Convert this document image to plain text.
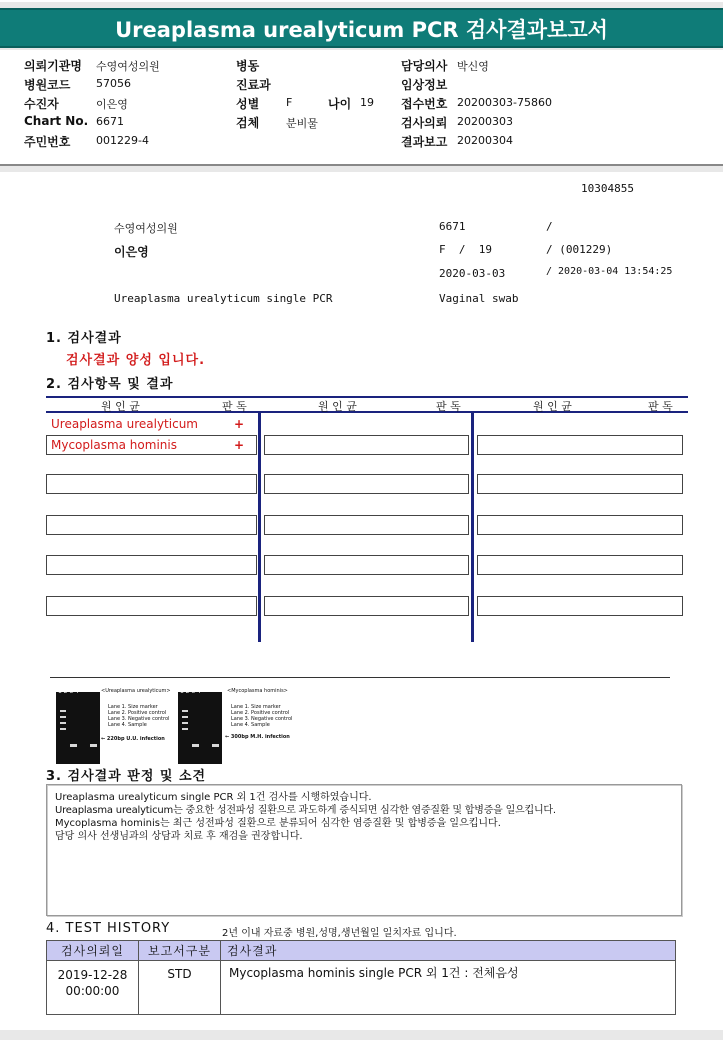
Ureaplasma urealyticum PCR 검사결과보고서
의뢰기관명 수영여성의원
병원코드 57056
수진자	이은영
Chart No. 6671
주민번호 001229-4
병동
진료과
성별 F	나이 19
검체 분비물
담당의사 박신영
임상정보
접수번호 20200303-75860
검사의뢰 20200303
결과보고 20200304
10304855
수영여성의원	6671	/
이은영	F  /  19	/ (001229)
2020-03-03	/ 2020-03-04 13:54:25
Ureaplasma urealyticum single PCR	Vaginal swab
1. 검사결과
검사결과 양성 입니다.
2. 검사항목 및 결과
원 인 균	판 독	원 인 균	판 독	원 인 균	판 독
Ureaplasma urealyticum	+
Mycoplasma hominis	+
1 2 3 4	<Ureaplasma urealyticum>
Lane 1. Size marker
Lane 2. Positive control
Lane 3. Negative control
Lane 4. Sample
← 220bp U.U. infection
1 2 3 4	<Mycoplasma hominis>
Lane 1. Size marker
Lane 2. Positive control
Lane 3. Negative control
Lane 4. Sample
← 300bp M.H. infection
3. 검사결과 판정 및 소견
Ureaplasma urealyticum single PCR 외 1건 검사를 시행하였습니다.
Ureaplasma urealyticum는 중요한 성전파성 질환으로 과도하게 증식되면 심각한 염증질환 및 합병증을 일으킵니다.
Mycoplasma hominis는 최근 성전파성 질환으로 분류되어 심각한 염증질환 및 합병증을 일으킵니다.
담당 의사 선생님과의 상담과 치료 후 재검을 권장합니다.
4. TEST HISTORY	2년 이내 자료중 병원,성명,생년월일 일치자료 입니다.
검사의뢰일	보고서구분	검사결과

2019-12-28
00:00:00	STD	Mycoplasma hominis single PCR 외 1건 : 전체음성
